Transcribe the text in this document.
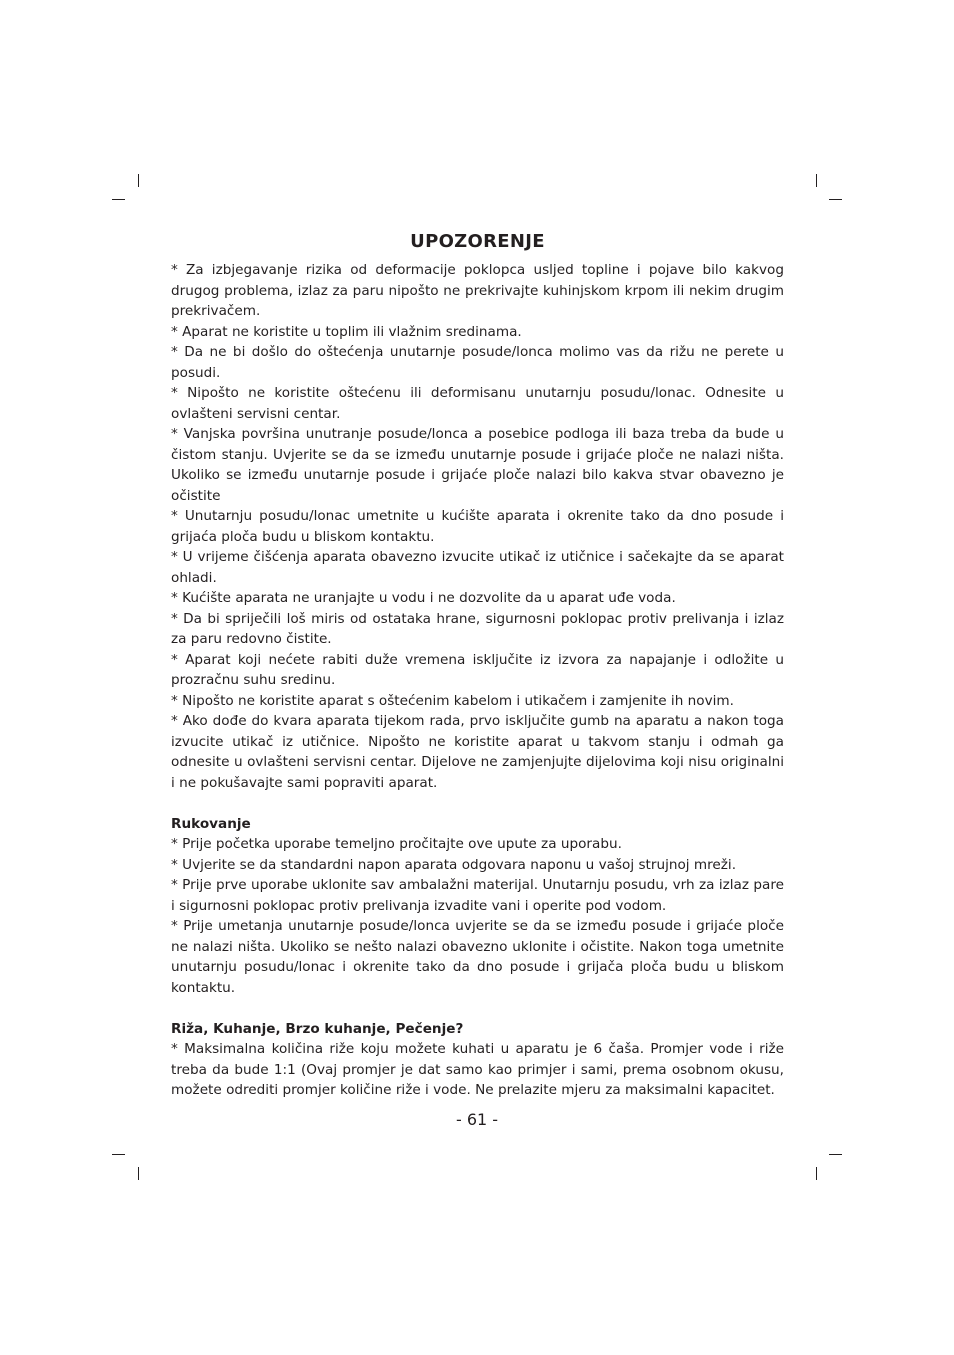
UPOZORENJE

* Za izbjegavanje rizika od deformacije poklopca usljed topline i pojave bilo kakvog drugog problema, izlaz za paru nipošto ne prekrivajte kuhinjskom krpom ili nekim drugim prekrivačem.

* Aparat ne koristite u toplim ili vlažnim sredinama.

* Da ne bi došlo do oštećenja unutarnje posude/lonca molimo vas da rižu ne perete u posudi.

* Nipošto ne koristite oštećenu ili deformisanu unutarnju posudu/lonac. Odnesite u ovlašteni servisni centar.

* Vanjska površina unutranje posude/lonca a posebice podloga ili baza treba da bude u čistom stanju. Uvjerite se da se između unutarnje posude i grijaće ploče ne nalazi ništa. Ukoliko se između unutarnje posude i grijaće ploče nalazi bilo kakva stvar obavezno je očistite

* Unutarnju posudu/lonac umetnite u kućište aparata i okrenite tako da dno posude i grijaća ploča budu u bliskom kontaktu.

* U vrijeme čišćenja aparata obavezno izvucite utikač iz utičnice i sačekajte da se aparat ohladi.

* Kućište aparata ne uranjajte u vodu i ne dozvolite da u aparat uđe voda.

* Da bi spriječili loš miris od ostataka hrane, sigurnosni poklopac protiv prelivanja i izlaz za paru redovno čistite.

* Aparat koji nećete rabiti duže vremena isključite iz izvora za napajanje i odložite u prozračnu suhu sredinu.

* Nipošto ne koristite aparat s oštećenim kabelom i utikačem i zamjenite ih novim.

* Ako dođe do kvara aparata tijekom rada, prvo isključite gumb na aparatu a nakon toga izvucite utikač iz utičnice. Nipošto ne koristite aparat u takvom stanju i odmah ga odnesite u ovlašteni servisni centar. Dijelove ne zamjenjujte dijelovima koji nisu originalni i ne pokušavajte sami popraviti aparat.

Rukovanje

* Prije početka uporabe temeljno pročitajte ove upute za uporabu.

* Uvjerite se da standardni napon aparata odgovara naponu u vašoj strujnoj mreži.

* Prije prve uporabe uklonite sav ambalažni materijal. Unutarnju posudu, vrh za izlaz pare i sigurnosni poklopac protiv prelivanja izvadite vani i operite pod vodom.

* Prije umetanja unutarnje posude/lonca uvjerite se da se između posude i grijaće ploče ne nalazi ništa. Ukoliko se nešto nalazi obavezno uklonite i očistite. Nakon toga umetnite unutarnju posudu/lonac i okrenite tako da dno posude i grijača ploča budu u bliskom kontaktu.

Riža, Kuhanje, Brzo kuhanje, Pečenje?

* Maksimalna količina riže koju možete kuhati u aparatu je 6 čaša. Promjer vode i riže treba da bude 1:1 (Ovaj promjer je dat samo kao primjer i sami, prema osobnom okusu, možete odrediti promjer količine riže i vode. Ne prelazite mjeru za maksimalni kapacitet.

- 61 -
